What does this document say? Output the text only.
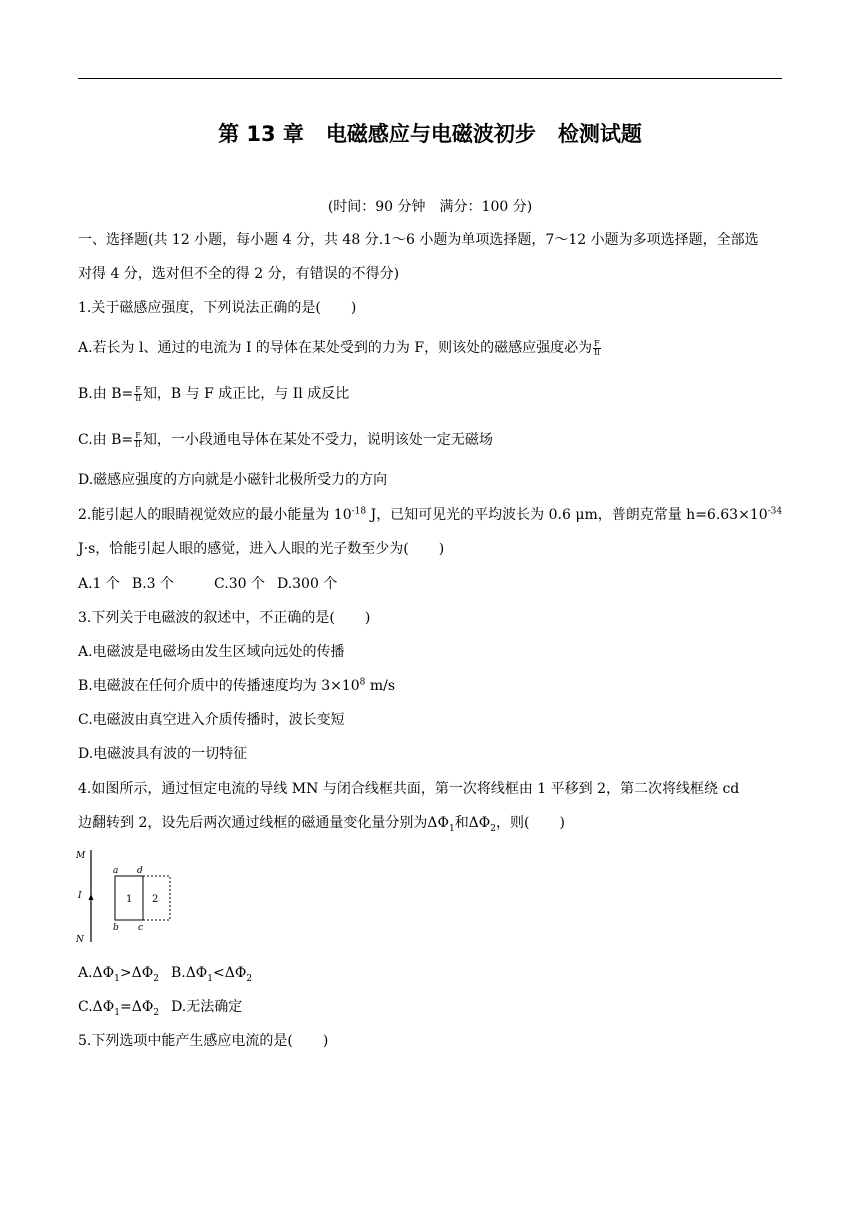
第 13 章 电磁感应与电磁波初步 检测试题
(时间：90 分钟　满分：100 分)
一、选择题(共 12 小题，每小题 4 分，共 48 分.1～6 小题为单项选择题，7～12 小题为多项选择题，全部选
对得 4 分，选对但不全的得 2 分，有错误的不得分)
1.关于磁感应强度，下列说法正确的是( )
A.若长为 l、通过的电流为 I 的导体在某处受到的力为 F，则该处的磁感应强度必为 $\frac{F}{Il}$
B.由 $B= \frac{F}{Il}$ 知，B 与 F 成正比，与 Il 成反比
C.由 $B= \frac{F}{Il}$ 知，一小段通电导体在某处不受力，说明该处一定无磁场
D.磁感应强度的方向就是小磁针北极所受力的方向
2.能引起人的眼睛视觉效应的最小能量为 $10^{-18}$ J，已知可见光的平均波长为 0.6 μm，普朗克常量 $h=6.63\times 10^{-34}$
J·s，恰能引起人眼的感觉，进入人眼的光子数至少为( )
A.1 个 B.3 个	C.30 个 D.300 个
3.下列关于电磁波的叙述中，不正确的是( )
A.电磁波是电磁场由发生区域向远处的传播
B.电磁波在任何介质中的传播速度均为 $3\times 10^8$ m/s
C.电磁波由真空进入介质传播时，波长变短
D.电磁波具有波的一切特征
4.如图所示，通过恒定电流的导线 MN 与闭合线框共面，第一次将线框由 1 平移到 2，第二次将线框绕 cd
边翻转到 2，设先后两次通过线框的磁通量变化量分别为$\Delta\Phi_1$和$\Delta\Phi_2$，则( )
M
I
N
a d
b c
1 2
$A.\Delta\Phi_1>\Delta\Phi_2$ $B.\Delta\Phi_1<\Delta\Phi_2$
$C.\Delta\Phi_1=\Delta\Phi_2$ D.无法确定
5.下列选项中能产生感应电流的是( )
